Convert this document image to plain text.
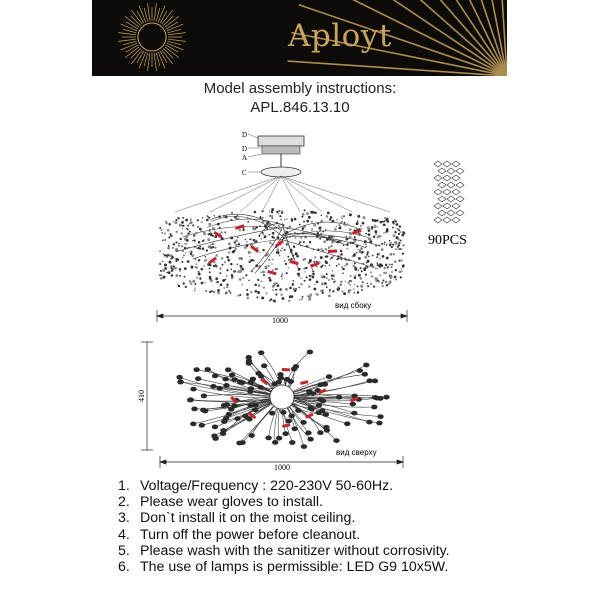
Aployt
Model assembly instructions:
APL.846.13.10
D
D
A
C
1000
вид сбоку
90PCS
410
1000
вид сверху
1. Voltage/Frequency : 220-230V 50-60Hz.
2. Please wear gloves to install.
3. Don`t install it on the moist ceiling.
4. Turn off the power before cleanout.
5. Please wash with the sanitizer without corrosivity.
6. The use of lamps is permissible: LED G9 10x5W.
